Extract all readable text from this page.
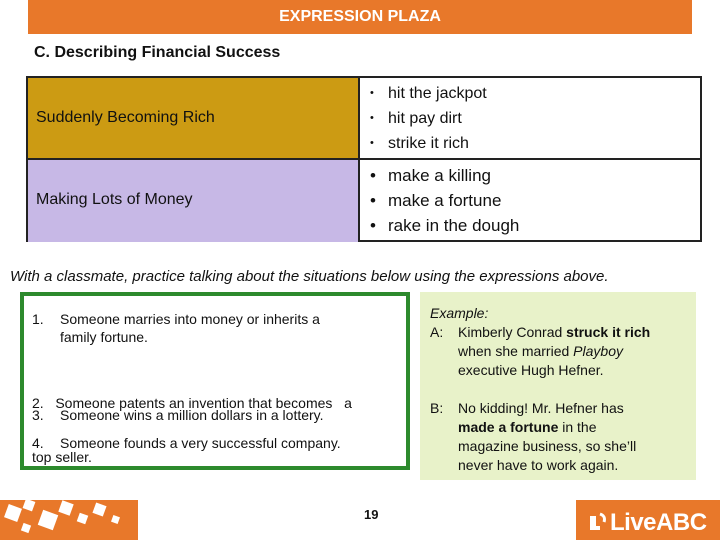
EXPRESSION PLAZA
C. Describing Financial Success
Suddenly Becoming Rich
• hit the jackpot
• hit pay dirt
• strike it rich
Making Lots of Money
• make a killing
• make a fortune
• rake in the dough
With a classmate, practice talking about the situations below using the expressions above.
1. Someone marries into money or inherits a
family fortune.

2.   Someone patents an invention that becomes   a

top seller.

3.	Someone wins a million dollars in a lottery.
4.	Someone founds a very successful company.
Example:
A: Kimberly Conrad struck it rich
when she married Playboy
executive Hugh Hefner.
B: No kidding! Mr. Hefner has
made a fortune in the
magazine business, so she’ll
never have to work again.
19	LiveABC
